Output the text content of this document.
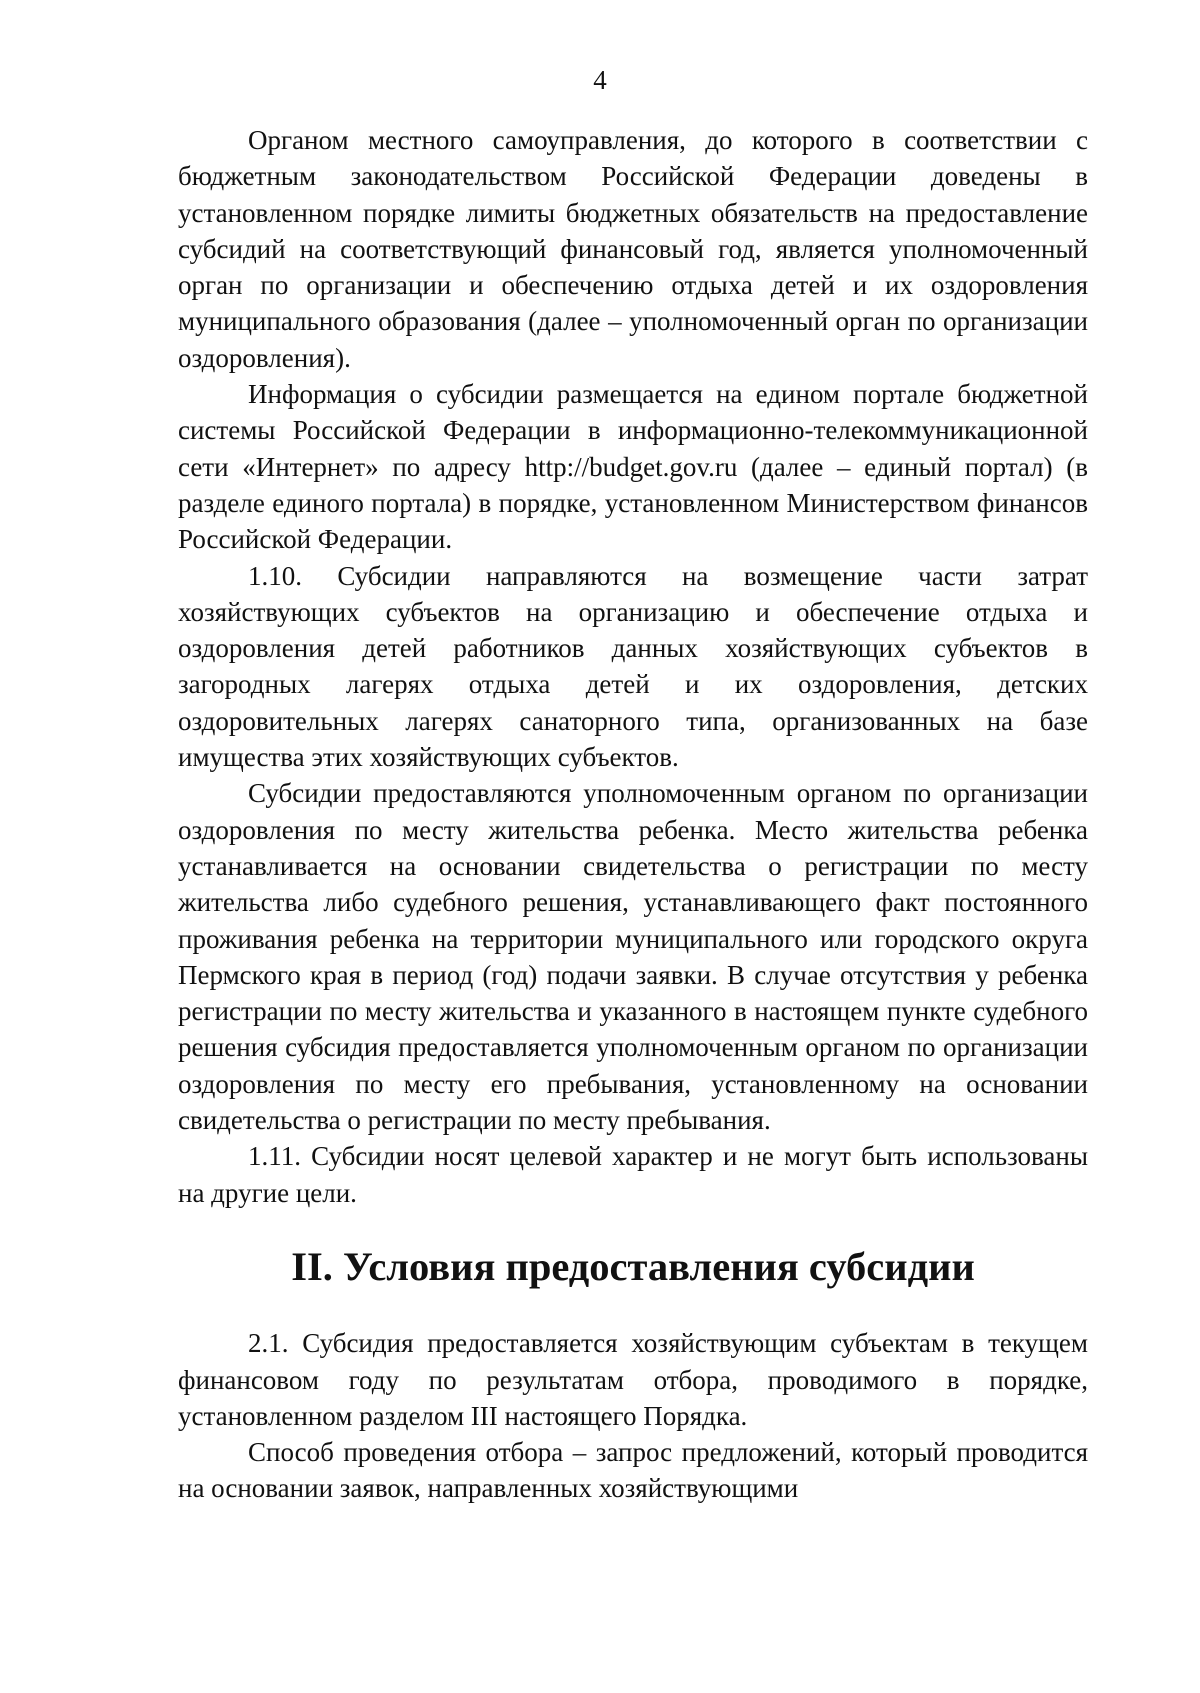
4

Органом местного самоуправления, до которого в соответствии с бюджетным законодательством Российской Федерации доведены в установленном порядке лимиты бюджетных обязательств на предоставление субсидий на соответствующий финансовый год, является уполномоченный орган по организации и обеспечению отдыха детей и их оздоровления муниципального образования (далее – уполномоченный орган по организации оздоровления).

Информация о субсидии размещается на едином портале бюджетной системы Российской Федерации в информационно-телекоммуникационной сети «Интернет» по адресу http://budget.gov.ru (далее – единый портал) (в разделе единого портала) в порядке, установленном Министерством финансов Российской Федерации.

1.10. Субсидии направляются на возмещение части затрат хозяйствующих субъектов на организацию и обеспечение отдыха и оздоровления детей работников данных хозяйствующих субъектов в загородных лагерях отдыха детей и их оздоровления, детских оздоровительных лагерях санаторного типа, организованных на базе имущества этих хозяйствующих субъектов.

Субсидии предоставляются уполномоченным органом по организации оздоровления по месту жительства ребенка. Место жительства ребенка устанавливается на основании свидетельства о регистрации по месту жительства либо судебного решения, устанавливающего факт постоянного проживания ребенка на территории муниципального или городского округа Пермского края в период (год) подачи заявки. В случае отсутствия у ребенка регистрации по месту жительства и указанного в настоящем пункте судебного решения субсидия предоставляется уполномоченным органом по организации оздоровления по месту его пребывания, установленному на основании свидетельства о регистрации по месту пребывания.

1.11. Субсидии носят целевой характер и не могут быть использованы на другие цели.

II. Условия предоставления субсидии

2.1. Субсидия предоставляется хозяйствующим субъектам в текущем финансовом году по результатам отбора, проводимого в порядке, установленном разделом III настоящего Порядка.

Способ проведения отбора – запрос предложений, который проводится на основании заявок, направленных хозяйствующими
